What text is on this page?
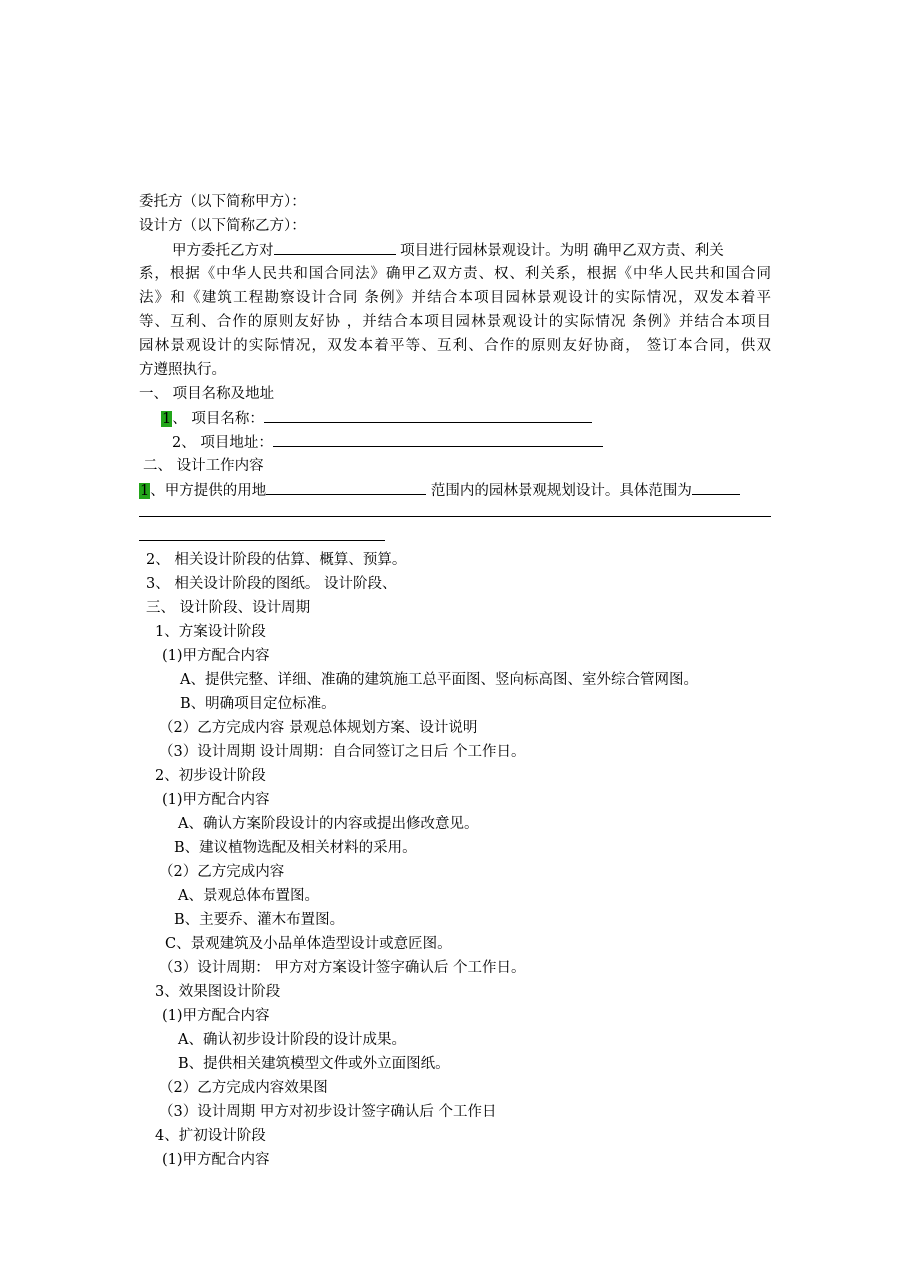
委托方（以下简称甲方）：
设计方（以下简称乙方）：
甲方委托乙方对	项目进行园林景观设计。为明 确甲乙双方责、利关
系，根据《中华人民共和国合同法》确甲乙双方责、权、利关系，根据《中华人民共和国合同
法》和《建筑工程勘察设计合同 条例》并结合本项目园林景观设计的实际情况，双发本着平
等、互利、合作的原则友好协 ，并结合本项目园林景观设计的实际情况 条例》并结合本项目
园林景观设计的实际情况，双发本着平等、互利、合作的原则友好协商， 签订本合同，供双
方遵照执行。
一、 项目名称及地址
1、 项目名称：
2、 项目地址：
二、 设计工作内容
1、甲方提供的用地	范围内的园林景观规划设计。具体范围为
2、 相关设计阶段的估算、概算、预算。
3、 相关设计阶段的图纸。 设计阶段、
三、 设计阶段、设计周期
1、方案设计阶段
(1)甲方配合内容
A、提供完整、详细、准确的建筑施工总平面图、竖向标高图、室外综合管网图。
B、明确项目定位标准。
（2）乙方完成内容 景观总体规划方案、设计说明
（3）设计周期 设计周期：自合同签订之日后 个工作日。
2、初步设计阶段
(1)甲方配合内容
A、确认方案阶段设计的内容或提出修改意见。
B、建议植物选配及相关材料的采用。
（2）乙方完成内容
A、景观总体布置图。
B、主要乔、灌木布置图。
C、景观建筑及小品单体造型设计或意匠图。
（3）设计周期： 甲方对方案设计签字确认后 个工作日。
3、效果图设计阶段
(1)甲方配合内容
A、确认初步设计阶段的设计成果。
B、提供相关建筑模型文件或外立面图纸。
（2）乙方完成内容效果图
（3）设计周期 甲方对初步设计签字确认后 个工作日
4、扩初设计阶段
(1)甲方配合内容
